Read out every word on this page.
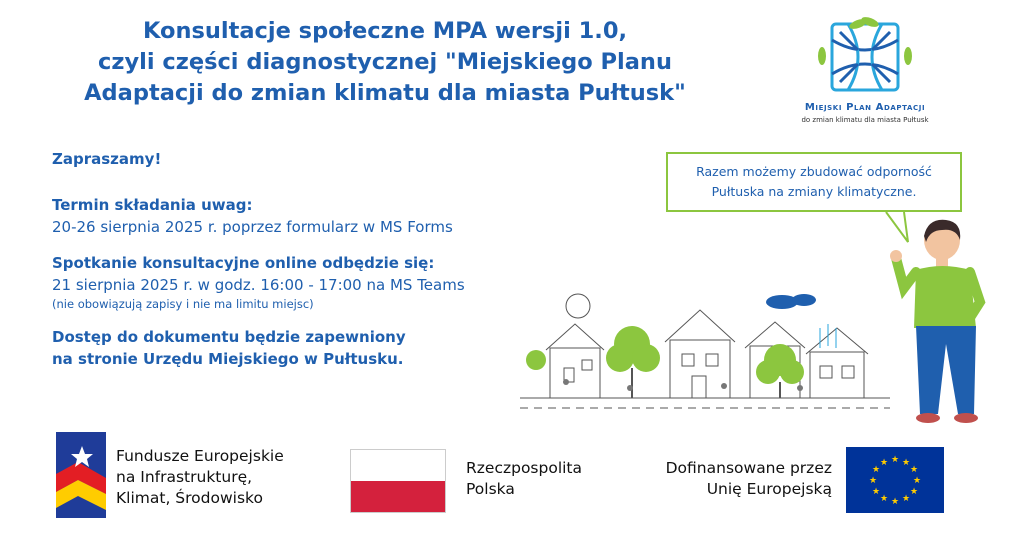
Konsultacje społeczne MPA wersji 1.0,
czyli części diagnostycznej "Miejskiego Planu
Adaptacji do zmian klimatu dla miasta Pułtusk"
Miejski Plan Adaptacji
do zmian klimatu dla miasta Pułtusk
Zapraszamy!
Termin składania uwag:
20-26 sierpnia 2025 r. poprzez formularz w MS Forms
Spotkanie konsultacyjne online odbędzie się:
21 sierpnia 2025 r. w godz. 16:00 - 17:00 na MS Teams
(nie obowiązują zapisy i nie ma limitu miejsc)
Dostęp do dokumentu będzie zapewniony
na stronie Urzędu Miejskiego w Pułtusku.
Razem możemy zbudować odporność
Pułtuska na zmiany klimatyczne.
Fundusze Europejskie
na Infrastrukturę,
Klimat, Środowisko
Rzeczpospolita
Polska
Dofinansowane przez
Unię Europejską
★ ★
★
★
★
★
★
★
★
★
★
★
